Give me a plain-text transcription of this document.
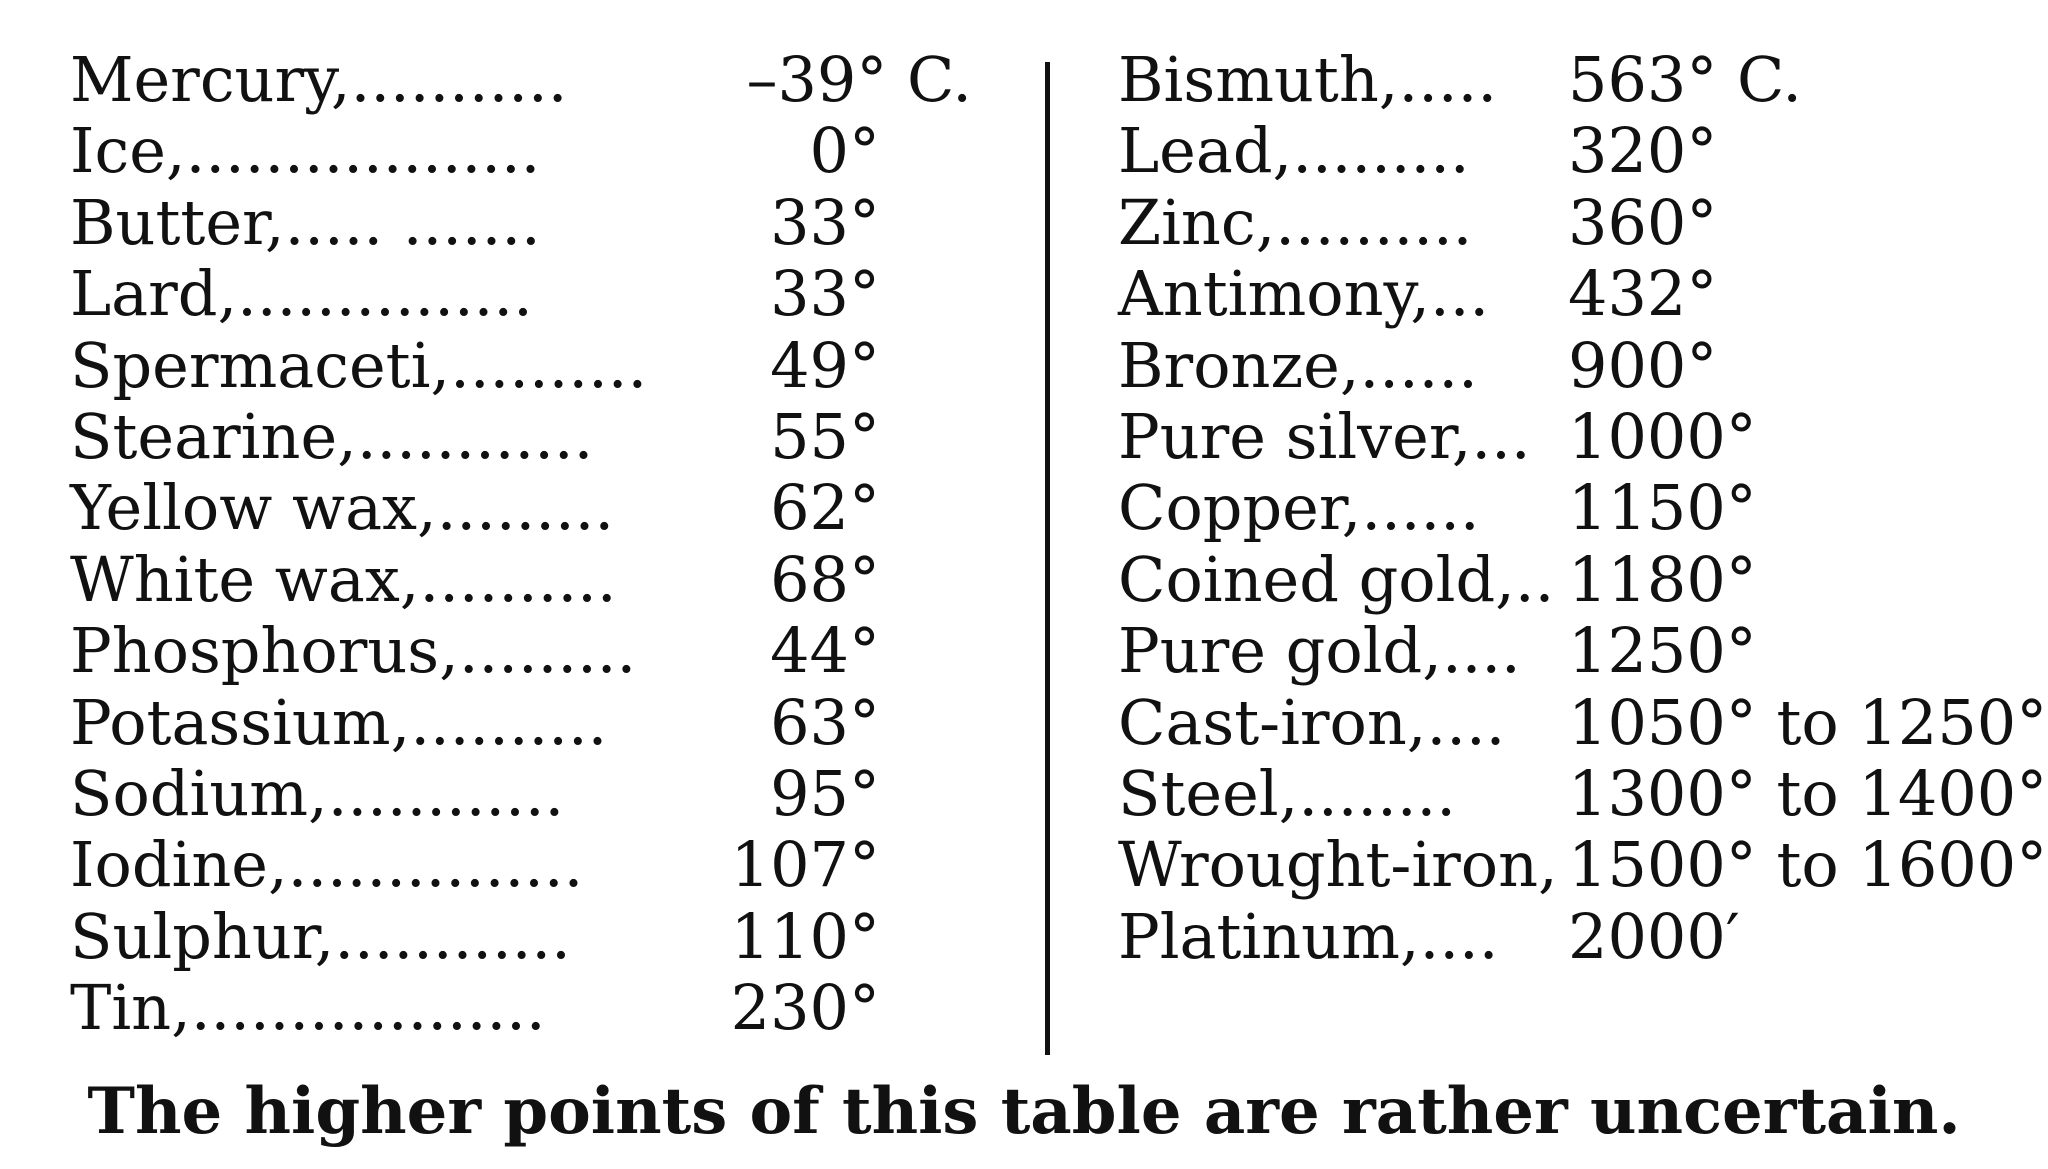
Mercury,...........	–39° C.
Ice,..................	0°
Butter,..... .......	33°
Lard,...............	33°
Spermaceti,.......... 49°
Stearine,............	55°
Yellow wax,.........	62°
White wax,.......... 68°
Phosphorus,......... 44°
Potassium,..........	63°
Sodium,............	95°
Iodine,............... 107°
Sulphur,............	110°
Tin,..................	230°
Bismuth,..... 563° C.
Lead,......... 320°
Zinc,.......... 360°
Antimony,... 432°
Bronze,...... 900°
Pure silver,... 1000°
Copper,...... 1150°
Coined gold,.. 1180°
Pure gold,.... 1250°
Cast-iron,.... 1050° to 1250°
Steel,........ 1300° to 1400°
Wrought-iron, 1500° to 1600°
Platinum,.... 2000′
The higher points of this table are rather uncertain.
